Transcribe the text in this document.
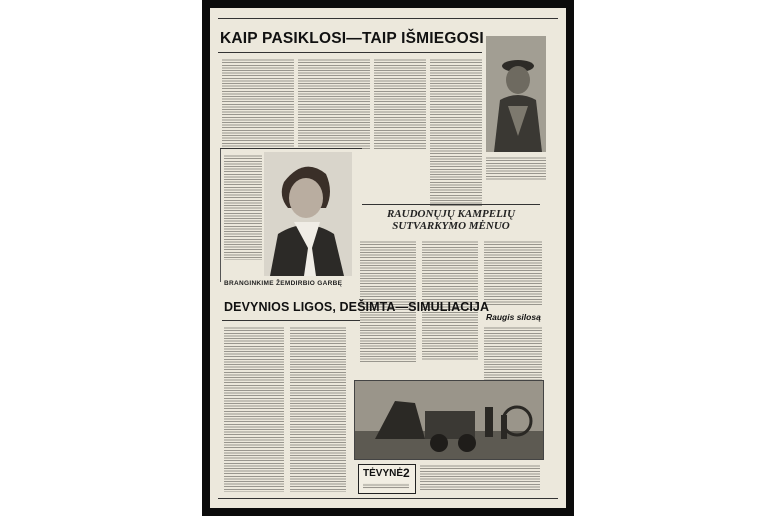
KAIP PASIKLOSI—TAIP IŠMIEGOSI
BRANGINKIME ŽEMDIRBIO GARBĘ
RAUDONŲJŲ KAMPELIŲ
SUTVARKYMO MĖNUO
Raugis silosą
DEVYNIOS LIGOS, DEŠIMTA—SIMULIACIJA
TĖVYNĖ 2
